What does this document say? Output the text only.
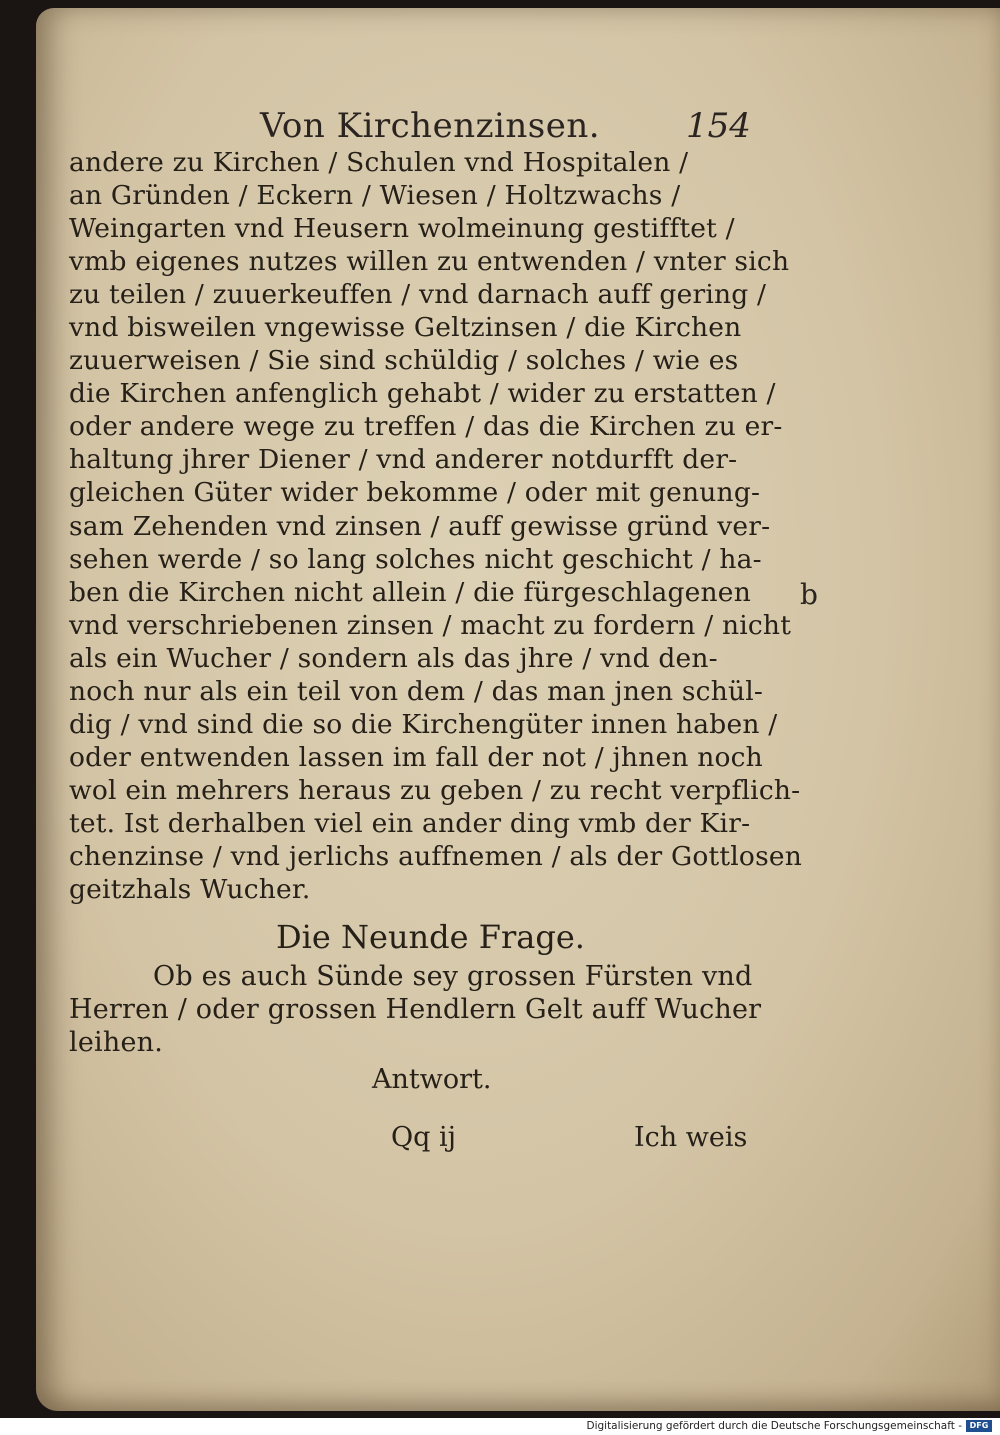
Von Kirchenzinsen.	154
andere zu Kirchen / Schulen vnd Hospitalen /
an Gründen / Eckern / Wiesen / Holtzwachs /
Weingarten vnd Heusern wolmeinung gestifftet /
vmb eigenes nutzes willen zu entwenden / vnter sich
zu teilen / zuuerkeuffen / vnd darnach auff gering /
vnd bisweilen vngewisse Geltzinsen / die Kirchen
zuuerweisen / Sie sind schüldig / solches / wie es
die Kirchen anfenglich gehabt / wider zu erstatten /
oder andere wege zu treffen / das die Kirchen zu er-
haltung jhrer Diener / vnd anderer notdurfft der-
gleichen Güter wider bekomme / oder mit genung-
sam Zehenden vnd zinsen / auff gewisse gründ ver-
sehen werde / so lang solches nicht geschicht / ha-
ben die Kirchen nicht allein / die fürgeschlagenen
vnd verschriebenen zinsen / macht zu fordern / nicht
als ein Wucher / sondern als das jhre / vnd den-
noch nur als ein teil von dem / das man jnen schül-
dig / vnd sind die so die Kirchengüter innen haben /
oder entwenden lassen im fall der not / jhnen noch
wol ein mehrers heraus zu geben / zu recht verpflich-
tet. Ist derhalben viel ein ander ding vmb der Kir-
chenzinse / vnd jerlichs auffnemen / als der Gottlosen
geitzhals Wucher.
Die Neunde Frage.
Ob es auch Sünde sey grossen Fürsten vnd
Herren / oder grossen Hendlern Gelt auff Wucher
leihen.
Antwort.
Qq ij	Ich weis
b
Digitalisierung gefördert durch die Deutsche Forschungsgemeinschaft - DFG
